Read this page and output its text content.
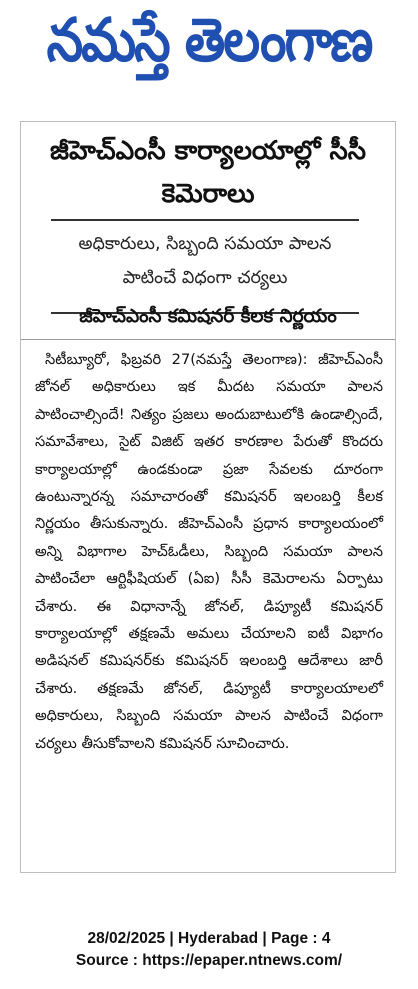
నమస్తే తెలంగాణ
జీహెచ్‌ఎంసీ కార్యాలయాల్లో సీసీ కెమెరాలు
అధికారులు, సిబ్బంది సమయా పాలన పాటించే విధంగా చర్యలు
జీహెచ్‌ఎంసీ కమిషనర్ కీలక నిర్ణయం
సిటీబ్యూరో, ఫిబ్రవరి 27(నమస్తే తెలంగాణ): జీహెచ్‌ఎంసీ జోనల్ అధికారులు ఇక మీదట సమయా పాలన పాటించాల్సిందే! నిత్యం ప్రజలు అందుబాటులోకి ఉండాల్సిందే, సమావేశాలు, సైట్ విజిట్ ఇతర కారణాల పేరుతో కొందరు కార్యాలయాల్లో ఉండకుండా ప్రజా సేవలకు దూరంగా ఉంటున్నారన్న సమాచారంతో కమిషనర్ ఇలంబర్తి కీలక నిర్ణయం తీసుకున్నారు. జీహెచ్‌ఎంసీ ప్రధాన కార్యాలయంలో అన్ని విభాగాల హెచ్‌ఓడీలు, సిబ్బంది సమయా పాలన పాటించేలా ఆర్టిఫీషియల్ (ఏఐ) సీసీ కెమెరాలను ఏర్పాటు చేశారు. ఈ విధానాన్నే జోనల్, డిప్యూటీ కమిషనర్ కార్యాలయాల్లో తక్షణమే అమలు చేయాలని ఐటీ విభాగం అడిషనల్ కమిషనర్‌కు కమిషనర్ ఇలంబర్తి ఆదేశాలు జారీ చేశారు. తక్షణమే జోనల్, డిప్యూటీ కార్యాలయాలలో అధికారులు, సిబ్బంది సమయా పాలన పాటించే విధంగా చర్యలు తీసుకోవాలని కమిషనర్ సూచించారు.
28/02/2025 | Hyderabad | Page : 4
Source : https://epaper.ntnews.com/
